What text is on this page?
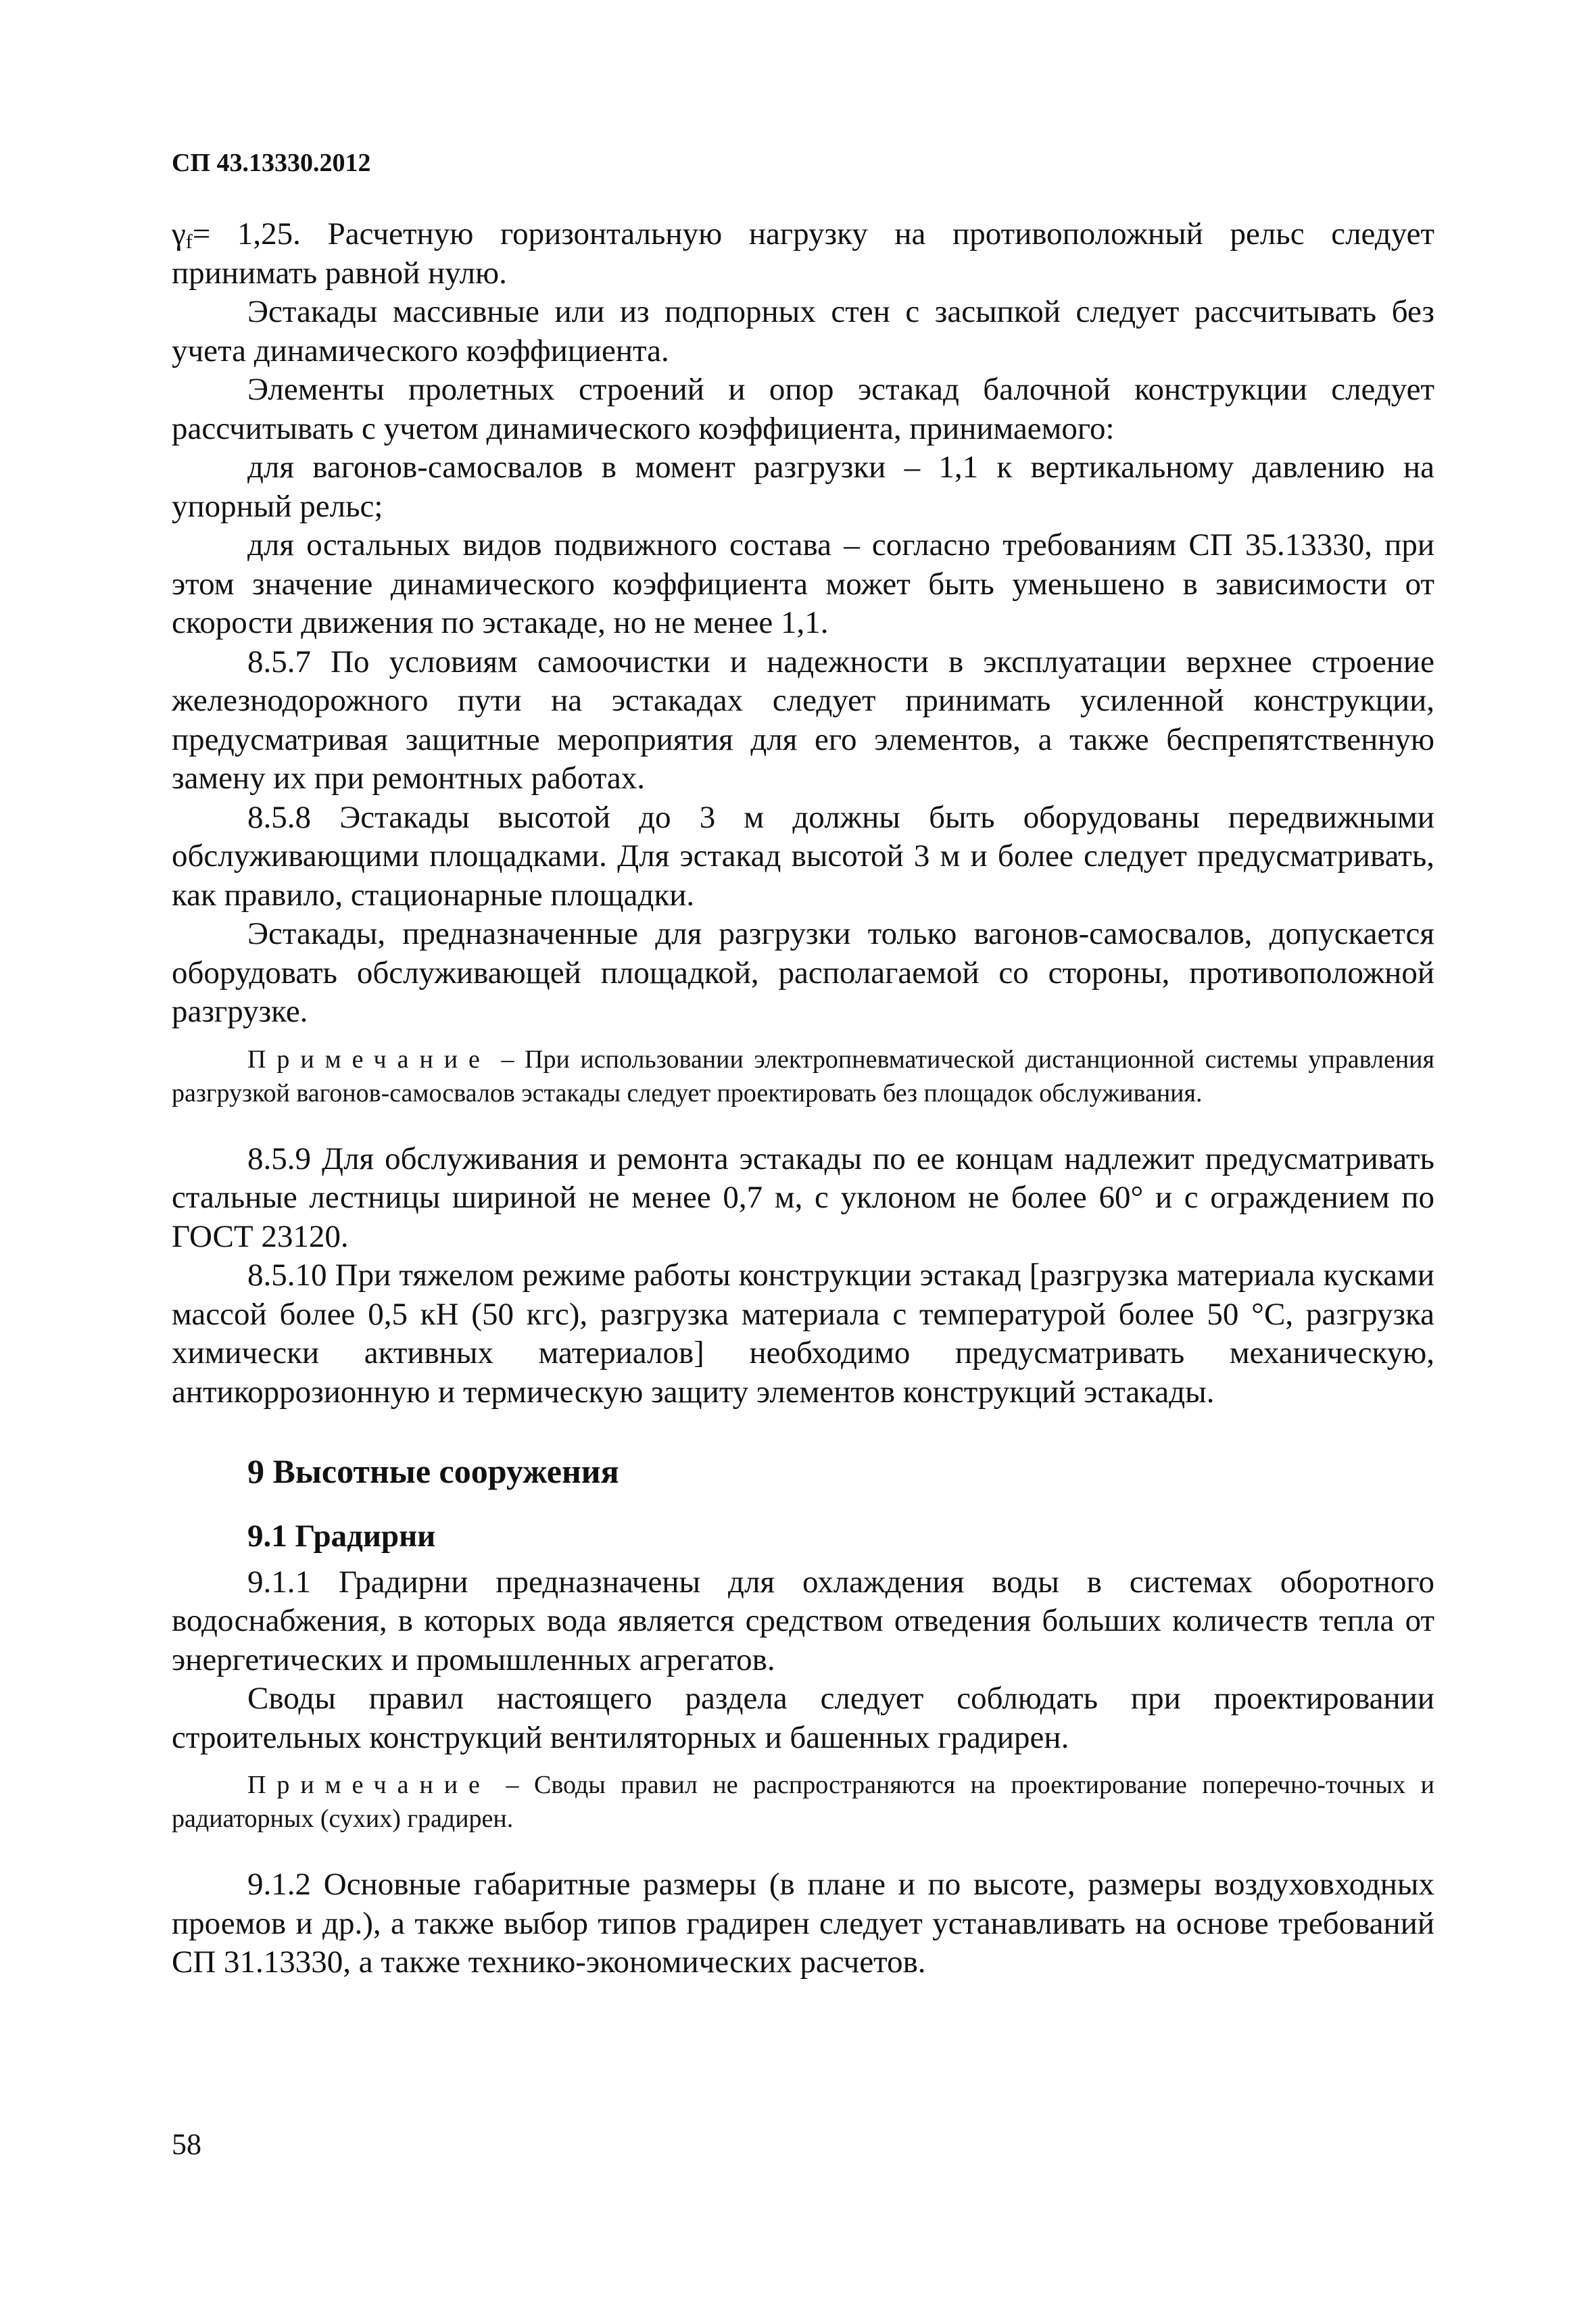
СП 43.13330.2012

$\gamma_f= 1,25$. Расчетную горизонтальную нагрузку на противоположный рельс следует принимать равной нулю.

Эстакады массивные или из подпорных стен с засыпкой следует рассчитывать без учета динамического коэффициента.

Элементы пролетных строений и опор эстакад балочной конструкции следует рассчитывать с учетом динамического коэффициента, принимаемого:

для вагонов-самосвалов в момент разгрузки – 1,1 к вертикальному давлению на упорный рельс;

для остальных видов подвижного состава – согласно требованиям СП 35.13330, при этом значение динамического коэффициента может быть уменьшено в зависимости от скорости движения по эстакаде, но не менее 1,1.

8.5.7 По условиям самоочистки и надежности в эксплуатации верхнее строение железнодорожного пути на эстакадах следует принимать усиленной конструкции, предусматривая защитные мероприятия для его элементов, а также беспрепятственную замену их при ремонтных работах.

8.5.8 Эстакады высотой до 3 м должны быть оборудованы передвижными обслуживающими площадками. Для эстакад высотой 3 м и более следует предусматривать, как правило, стационарные площадки.

Эстакады, предназначенные для разгрузки только вагонов-самосвалов, допускается оборудовать обслуживающей площадкой, располагаемой со стороны, противоположной разгрузке.

Примечание – При использовании электропневматической дистанционной системы управления разгрузкой вагонов-самосвалов эстакады следует проектировать без площадок обслуживания.

8.5.9 Для обслуживания и ремонта эстакады по ее концам надлежит предусматривать стальные лестницы шириной не менее 0,7 м, с уклоном не более 60° и с ограждением по ГОСТ 23120.

8.5.10 При тяжелом режиме работы конструкции эстакад [разгрузка материала кусками массой более 0,5 кН (50 кгс), разгрузка материала с температурой более 50 °С, разгрузка химически активных материалов] необходимо предусматривать механическую, антикоррозионную и термическую защиту элементов конструкций эстакады.

9 Высотные сооружения
9.1 Градирни

9.1.1 Градирни предназначены для охлаждения воды в системах оборотного водоснабжения, в которых вода является средством отведения больших количеств тепла от энергетических и промышленных агрегатов.

Своды правил настоящего раздела следует соблюдать при проектировании строительных конструкций вентиляторных и башенных градирен.

Примечание – Своды правил не распространяются на проектирование поперечно-точных и радиаторных (сухих) градирен.

9.1.2 Основные габаритные размеры (в плане и по высоте, размеры воздуховходных проемов и др.), а также выбор типов градирен следует устанавливать на основе требований СП 31.13330, а также технико-экономических расчетов.

58
